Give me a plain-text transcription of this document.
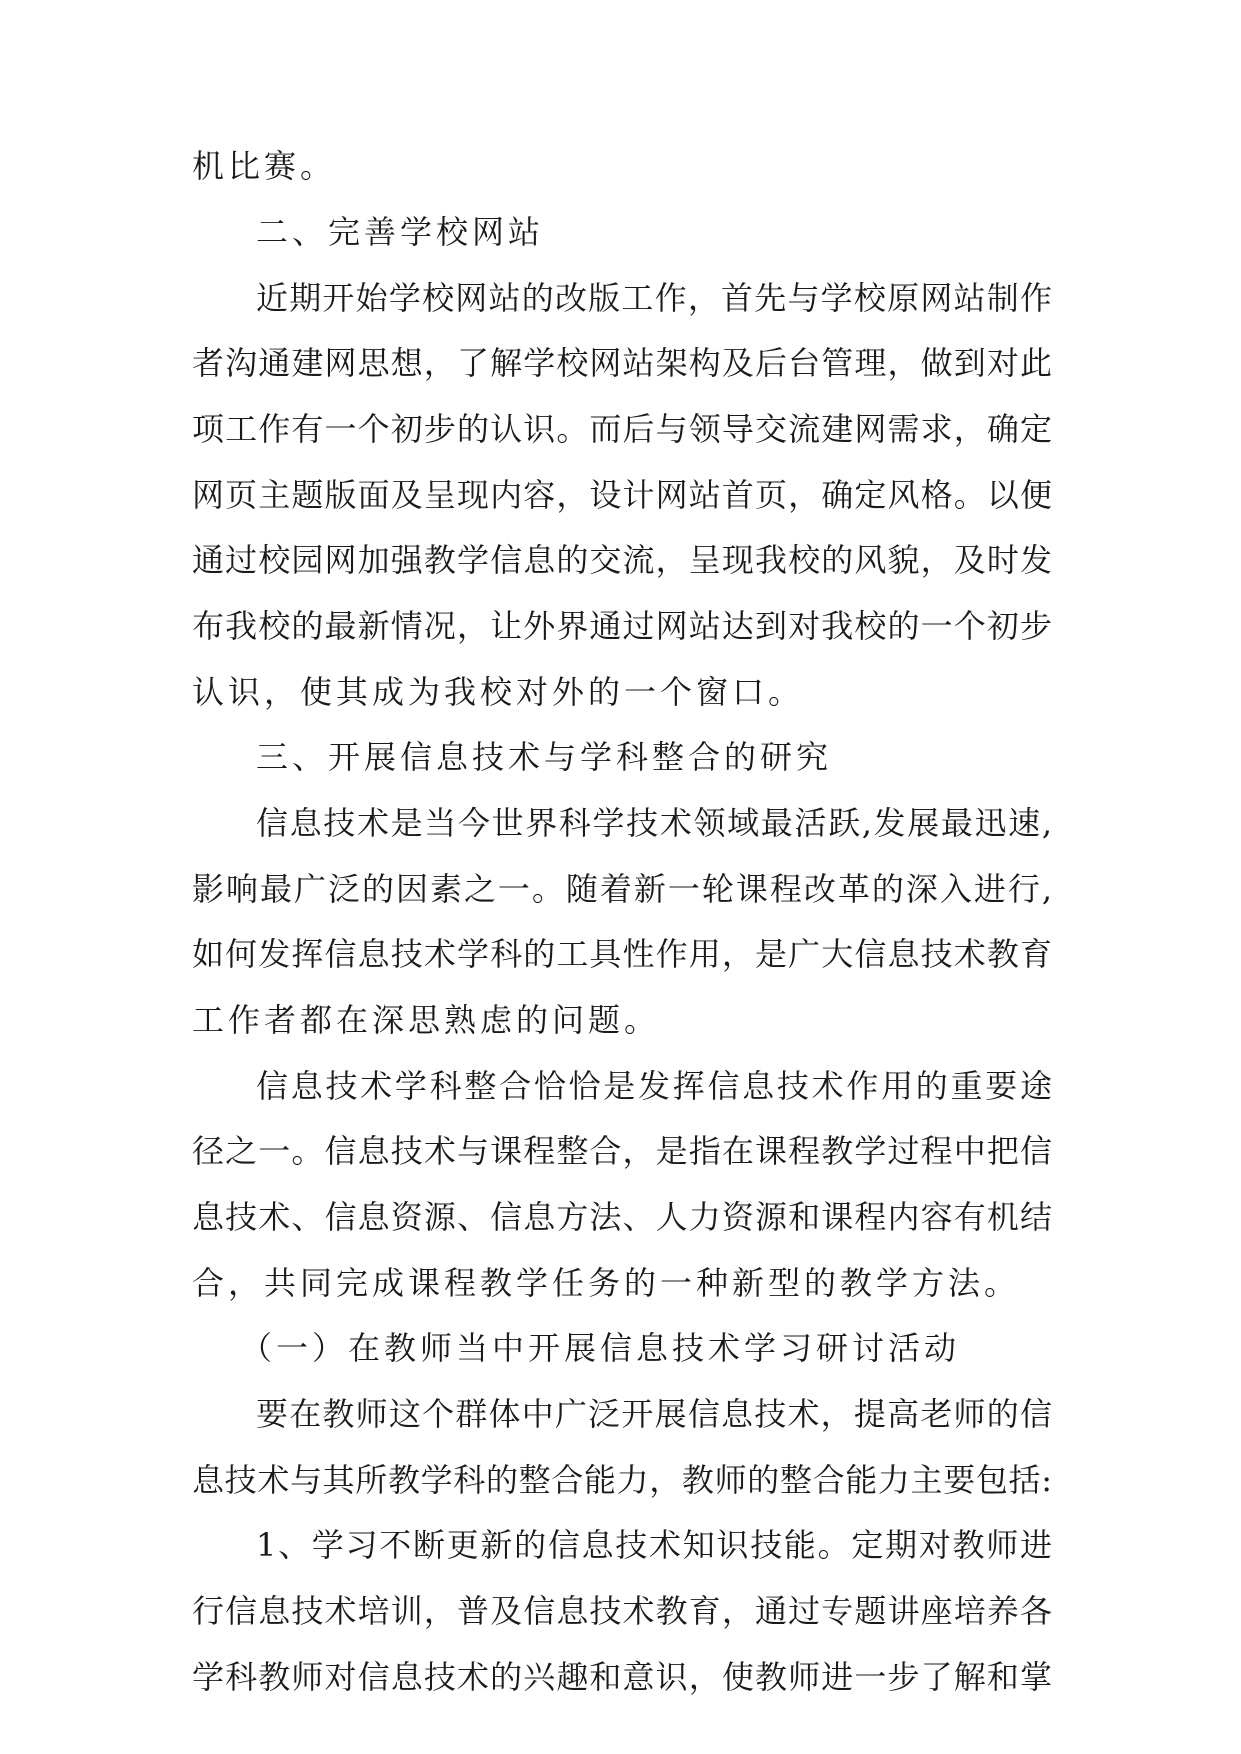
机比赛。
二、完善学校网站
近期开始学校网站的改版工作，首先与学校原网站制作
者沟通建网思想，了解学校网站架构及后台管理，做到对此
项工作有一个初步的认识。而后与领导交流建网需求，确定
网页主题版面及呈现内容，设计网站首页，确定风格。以便
通过校园网加强教学信息的交流，呈现我校的风貌，及时发
布我校的最新情况，让外界通过网站达到对我校的一个初步
认识，使其成为我校对外的一个窗口。
三、开展信息技术与学科整合的研究
信息技术是当今世界科学技术领域最活跃,发展最迅速,
影响最广泛的因素之一。随着新一轮课程改革的深入进行,
如何发挥信息技术学科的工具性作用，是广大信息技术教育
工作者都在深思熟虑的问题。
信息技术学科整合恰恰是发挥信息技术作用的重要途
径之一。信息技术与课程整合，是指在课程教学过程中把信
息技术、信息资源、信息方法、人力资源和课程内容有机结
合，共同完成课程教学任务的一种新型的教学方法。
（一）在教师当中开展信息技术学习研讨活动
要在教师这个群体中广泛开展信息技术，提高老师的信
息技术与其所教学科的整合能力，教师的整合能力主要包括:
1、学习不断更新的信息技术知识技能。定期对教师进
行信息技术培训，普及信息技术教育，通过专题讲座培养各
学科教师对信息技术的兴趣和意识，使教师进一步了解和掌
